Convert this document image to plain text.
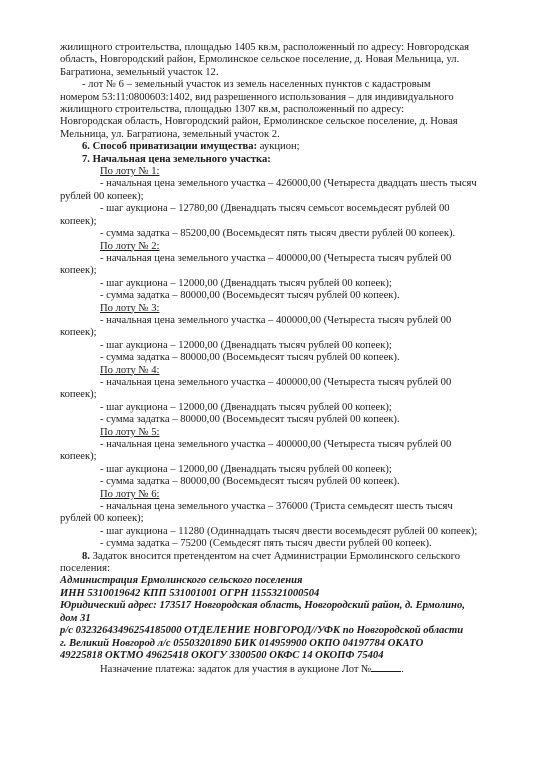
жилищного строительства, площадью 1405 кв.м, расположенный по адресу: Новгородская

область, Новгородский район, Ермолинское сельское поселение, д. Новая Мельница, ул.

Багратиона, земельный участок 12.

- лот № 6 – земельный участок из земель населенных пунктов с кадастровым

номером 53:11:0800603:1402, вид разрешенного использования – для индивидуального

жилищного строительства, площадью 1307 кв.м, расположенный по адресу:

Новгородская область, Новгородский район, Ермолинское сельское поселение, д. Новая

Мельница, ул. Багратиона, земельный участок 2.

6. Способ приватизации имущества: аукцион;

7. Начальная цена земельного участка:

По лоту № 1:

- начальная цена земельного участка – 426000,00 (Четыреста двадцать шесть тысяч

рублей 00 копеек);

- шаг аукциона – 12780,00 (Двенадцать тысяч семьсот восемьдесят рублей 00

копеек);

- сумма задатка – 85200,00 (Восемьдесят пять тысяч двести рублей 00 копеек).

По лоту № 2:

- начальная цена земельного участка – 400000,00 (Четыреста тысяч рублей 00

копеек);

- шаг аукциона – 12000,00 (Двенадцать тысяч рублей 00 копеек);

- сумма задатка – 80000,00 (Восемьдесят тысяч рублей 00 копеек).

По лоту № 3:

- начальная цена земельного участка – 400000,00 (Четыреста тысяч рублей 00

копеек);

- шаг аукциона – 12000,00 (Двенадцать тысяч рублей 00 копеек);

- сумма задатка – 80000,00 (Восемьдесят тысяч рублей 00 копеек).

По лоту № 4:

- начальная цена земельного участка – 400000,00 (Четыреста тысяч рублей 00

копеек);

- шаг аукциона – 12000,00 (Двенадцать тысяч рублей 00 копеек);

- сумма задатка – 80000,00 (Восемьдесят тысяч рублей 00 копеек).

По лоту № 5:

- начальная цена земельного участка – 400000,00 (Четыреста тысяч рублей 00

копеек);

- шаг аукциона – 12000,00 (Двенадцать тысяч рублей 00 копеек);

- сумма задатка – 80000,00 (Восемьдесят тысяч рублей 00 копеек).

По лоту № 6:

- начальная цена земельного участка – 376000 (Триста семьдесят шесть тысяч

рублей 00 копеек);

- шаг аукциона – 11280 (Одиннадцать тысяч двести восемьдесят рублей 00 копеек);

- сумма задатка – 75200 (Семьдесят пять тысяч двести рублей 00 копеек).

8. Задаток вносится претендентом на счет Администрации Ермолинского сельского

поселения:

Администрация Ермолинского сельского поселения

ИНН 5310019642 КПП 531001001 ОГРН 1155321000504

Юридический адрес: 173517 Новгородская область, Новгородский район, д. Ермолино,

дом 31

р/с 03232643496254185000 ОТДЕЛЕНИЕ НОВГОРОД//УФК по Новгородской области

г. Великий Новгород л/с 05503201890 БИК 014959900 ОКПО 04197784 ОКАТО

49225818 ОКТМО 49625418 ОКОГУ 3300500 ОКФС 14 ОКОПФ 75404

Назначение платежа: задаток для участия в аукционе Лот №	.
